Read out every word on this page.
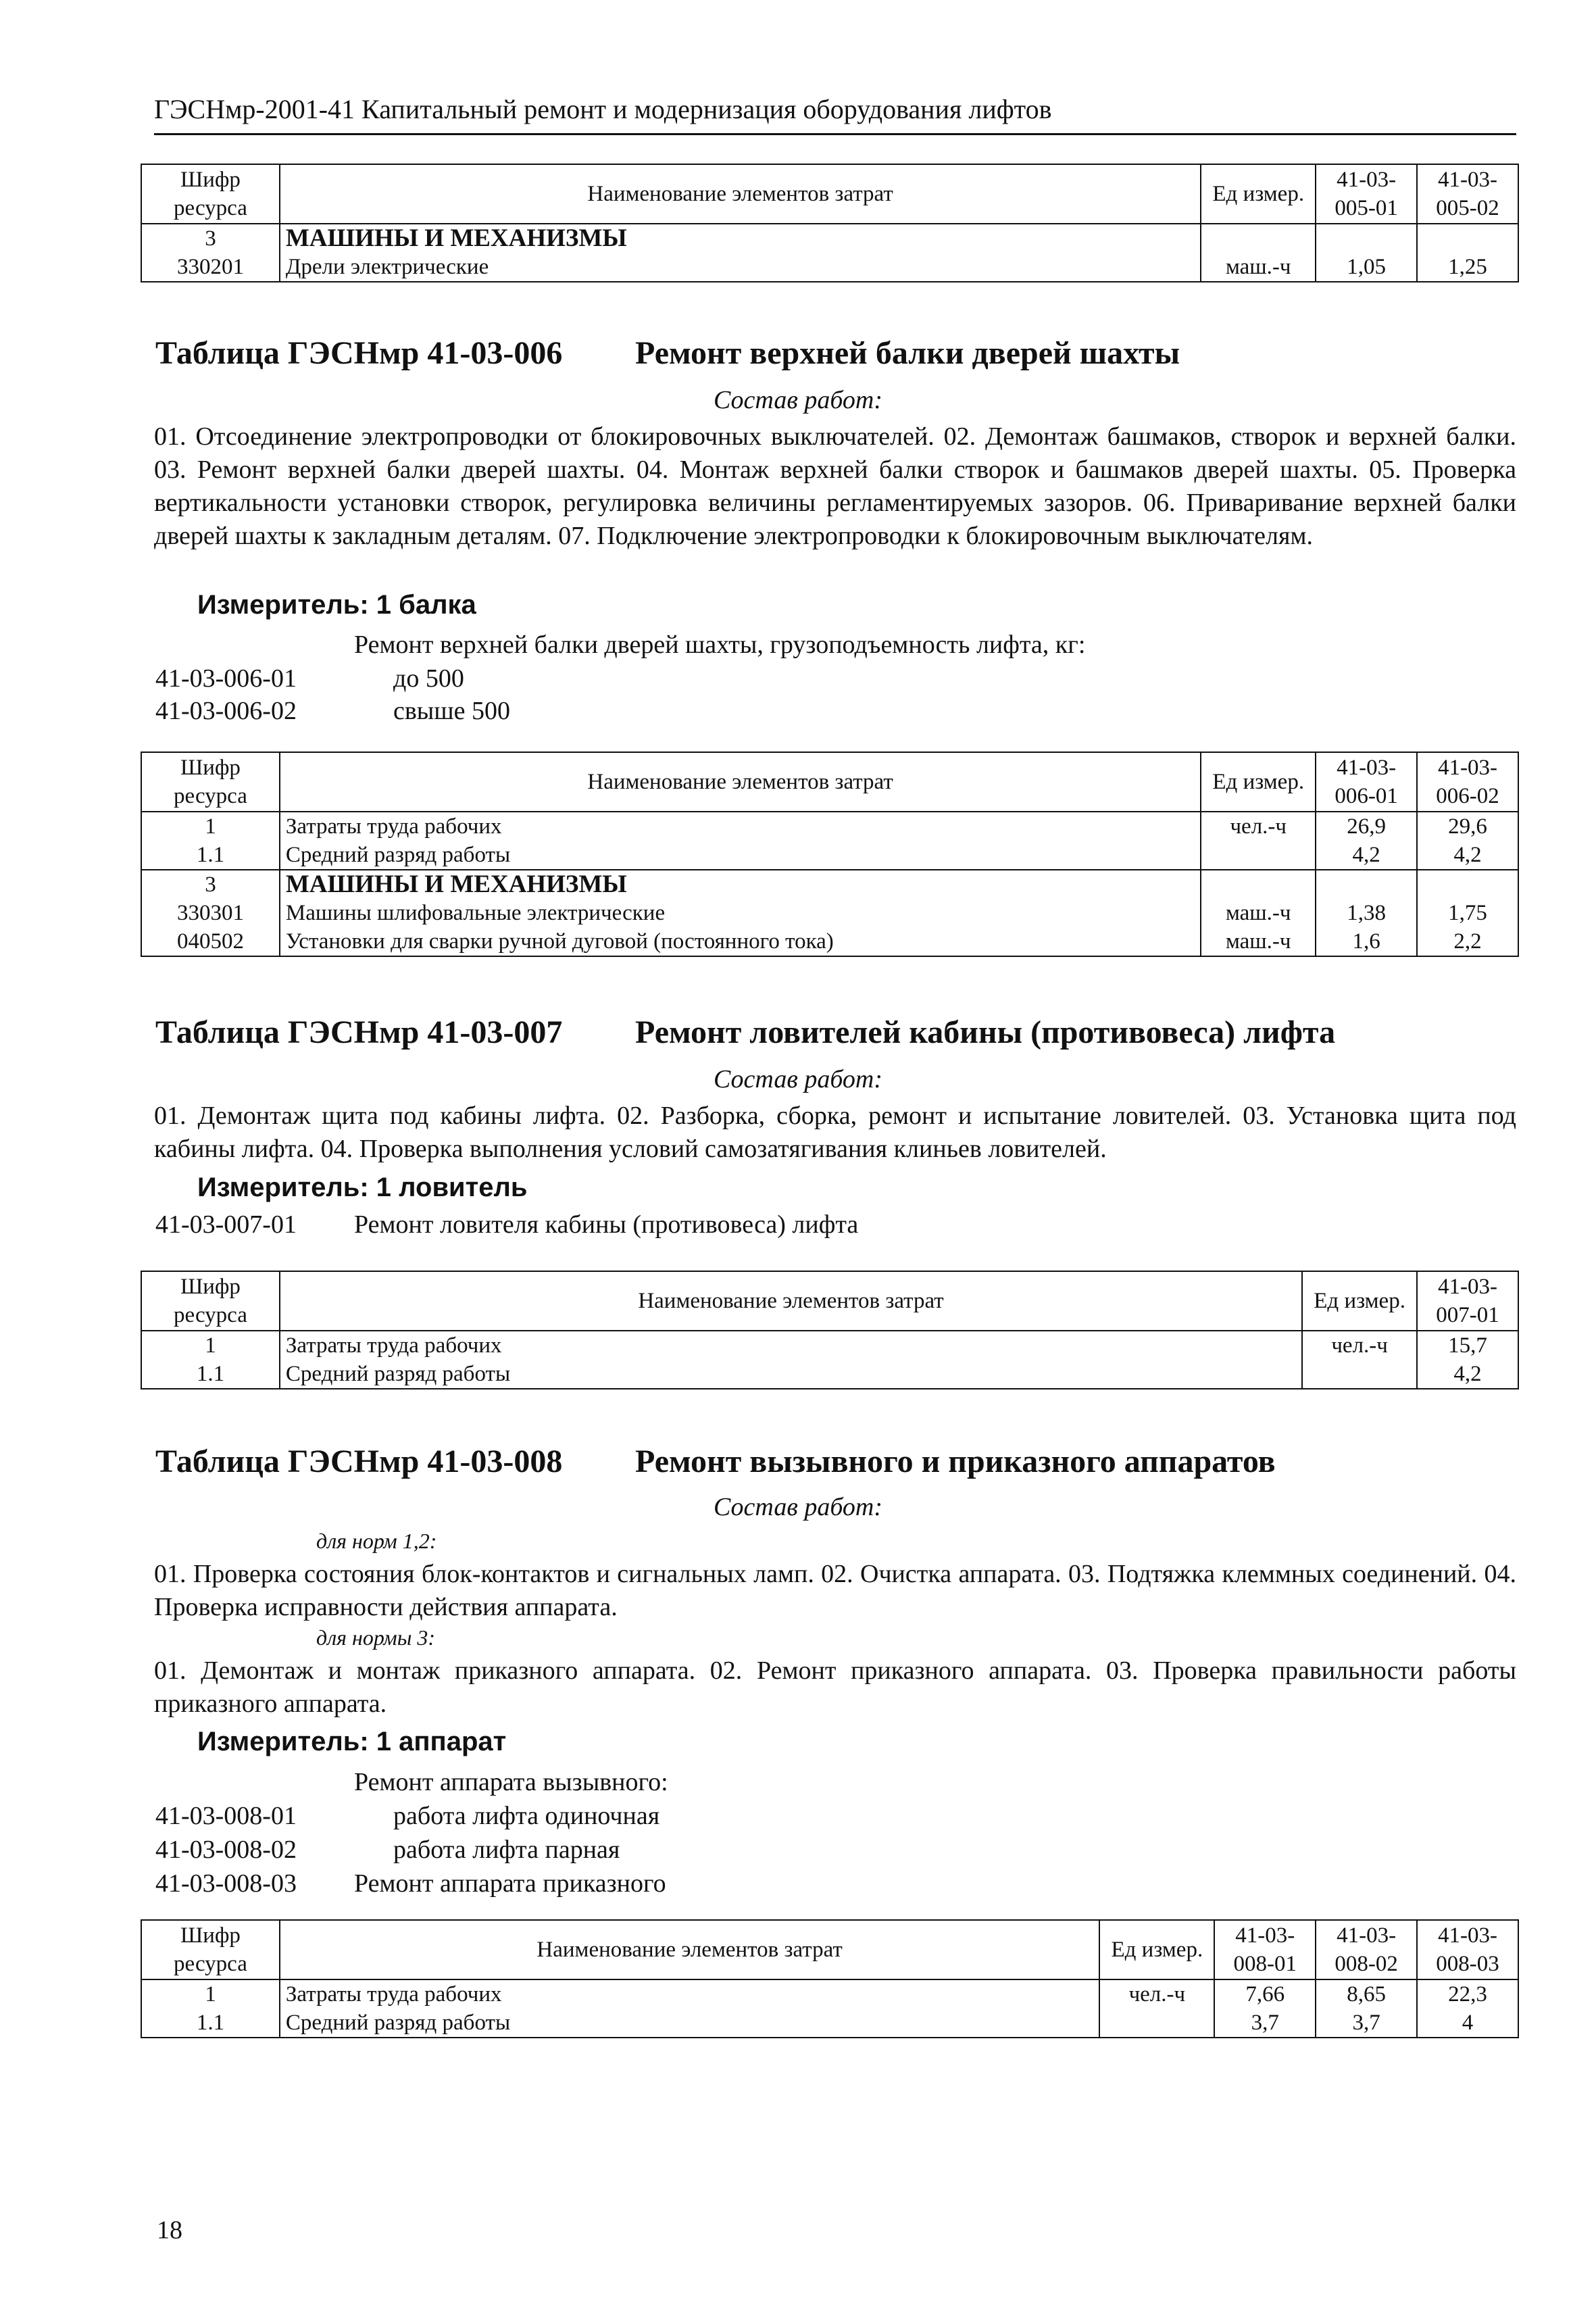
ГЭСНмр-2001-41 Капитальный ремонт и модернизация оборудования лифтов
Шифр ресурса	Наименование элементов затрат	Ед измер.	41-03-005-01	41-03-005-02
3	МАШИНЫ И МЕХАНИЗМЫ			
330201	Дрели электрические	маш.-ч	1,05	1,25
Таблица ГЭСНмр 41-03-006 Ремонт верхней балки дверей шахты
Состав работ:
01. Отсоединение электропроводки от блокировочных выключателей. 02. Демонтаж башмаков, створок и верхней балки. 03. Ремонт верхней балки дверей шахты. 04. Монтаж верхней балки створок и башмаков дверей шахты. 05. Проверка вертикальности установки створок, регулировка величины регламентируемых зазоров. 06. Приваривание верхней балки дверей шахты к закладным деталям. 07. Подключение электропроводки к блокировочным выключателям.
Измеритель: 1 балка
Ремонт верхней балки дверей шахты, грузоподъемность лифта, кг:
41-03-006-01	до 500
41-03-006-02	свыше 500
Шифр ресурса	Наименование элементов затрат	Ед измер.	41-03-006-01	41-03-006-02
1	Затраты труда рабочих	чел.-ч	26,9	29,6
1.1	Средний разряд работы		4,2	4,2
3	МАШИНЫ И МЕХАНИЗМЫ			
330301	Машины шлифовальные электрические	маш.-ч	1,38	1,75
040502	Установки для сварки ручной дуговой (постоянного тока)	маш.-ч	1,6	2,2
Таблица ГЭСНмр 41-03-007 Ремонт ловителей кабины (противовеса) лифта
Состав работ:
01. Демонтаж щита под кабины лифта. 02. Разборка, сборка, ремонт и испытание ловителей. 03. Установка щита под кабины лифта. 04. Проверка выполнения условий самозатягивания клиньев ловителей.
Измеритель: 1 ловитель
41-03-007-01 Ремонт ловителя кабины (противовеса) лифта
Шифр ресурса	Наименование элементов затрат	Ед измер.	41-03-007-01
1	Затраты труда рабочих	чел.-ч	15,7
1.1	Средний разряд работы		4,2
Таблица ГЭСНмр 41-03-008 Ремонт вызывного и приказного аппаратов
Состав работ:
для норм 1,2:
01. Проверка состояния блок-контактов и сигнальных ламп. 02. Очистка аппарата. 03. Подтяжка клеммных соединений. 04. Проверка исправности действия аппарата.
для нормы 3:
01. Демонтаж и монтаж приказного аппарата. 02. Ремонт приказного аппарата. 03. Проверка правильности работы приказного аппарата.
Измеритель: 1 аппарат
Ремонт аппарата вызывного:
41-03-008-01	работа лифта одиночная
41-03-008-02	работа лифта парная
41-03-008-03 Ремонт аппарата приказного
Шифр ресурса	Наименование элементов затрат	Ед измер.	41-03-008-01	41-03-008-02	41-03-008-03
1	Затраты труда рабочих	чел.-ч	7,66	8,65	22,3
1.1	Средний разряд работы		3,7	3,7	4
18
